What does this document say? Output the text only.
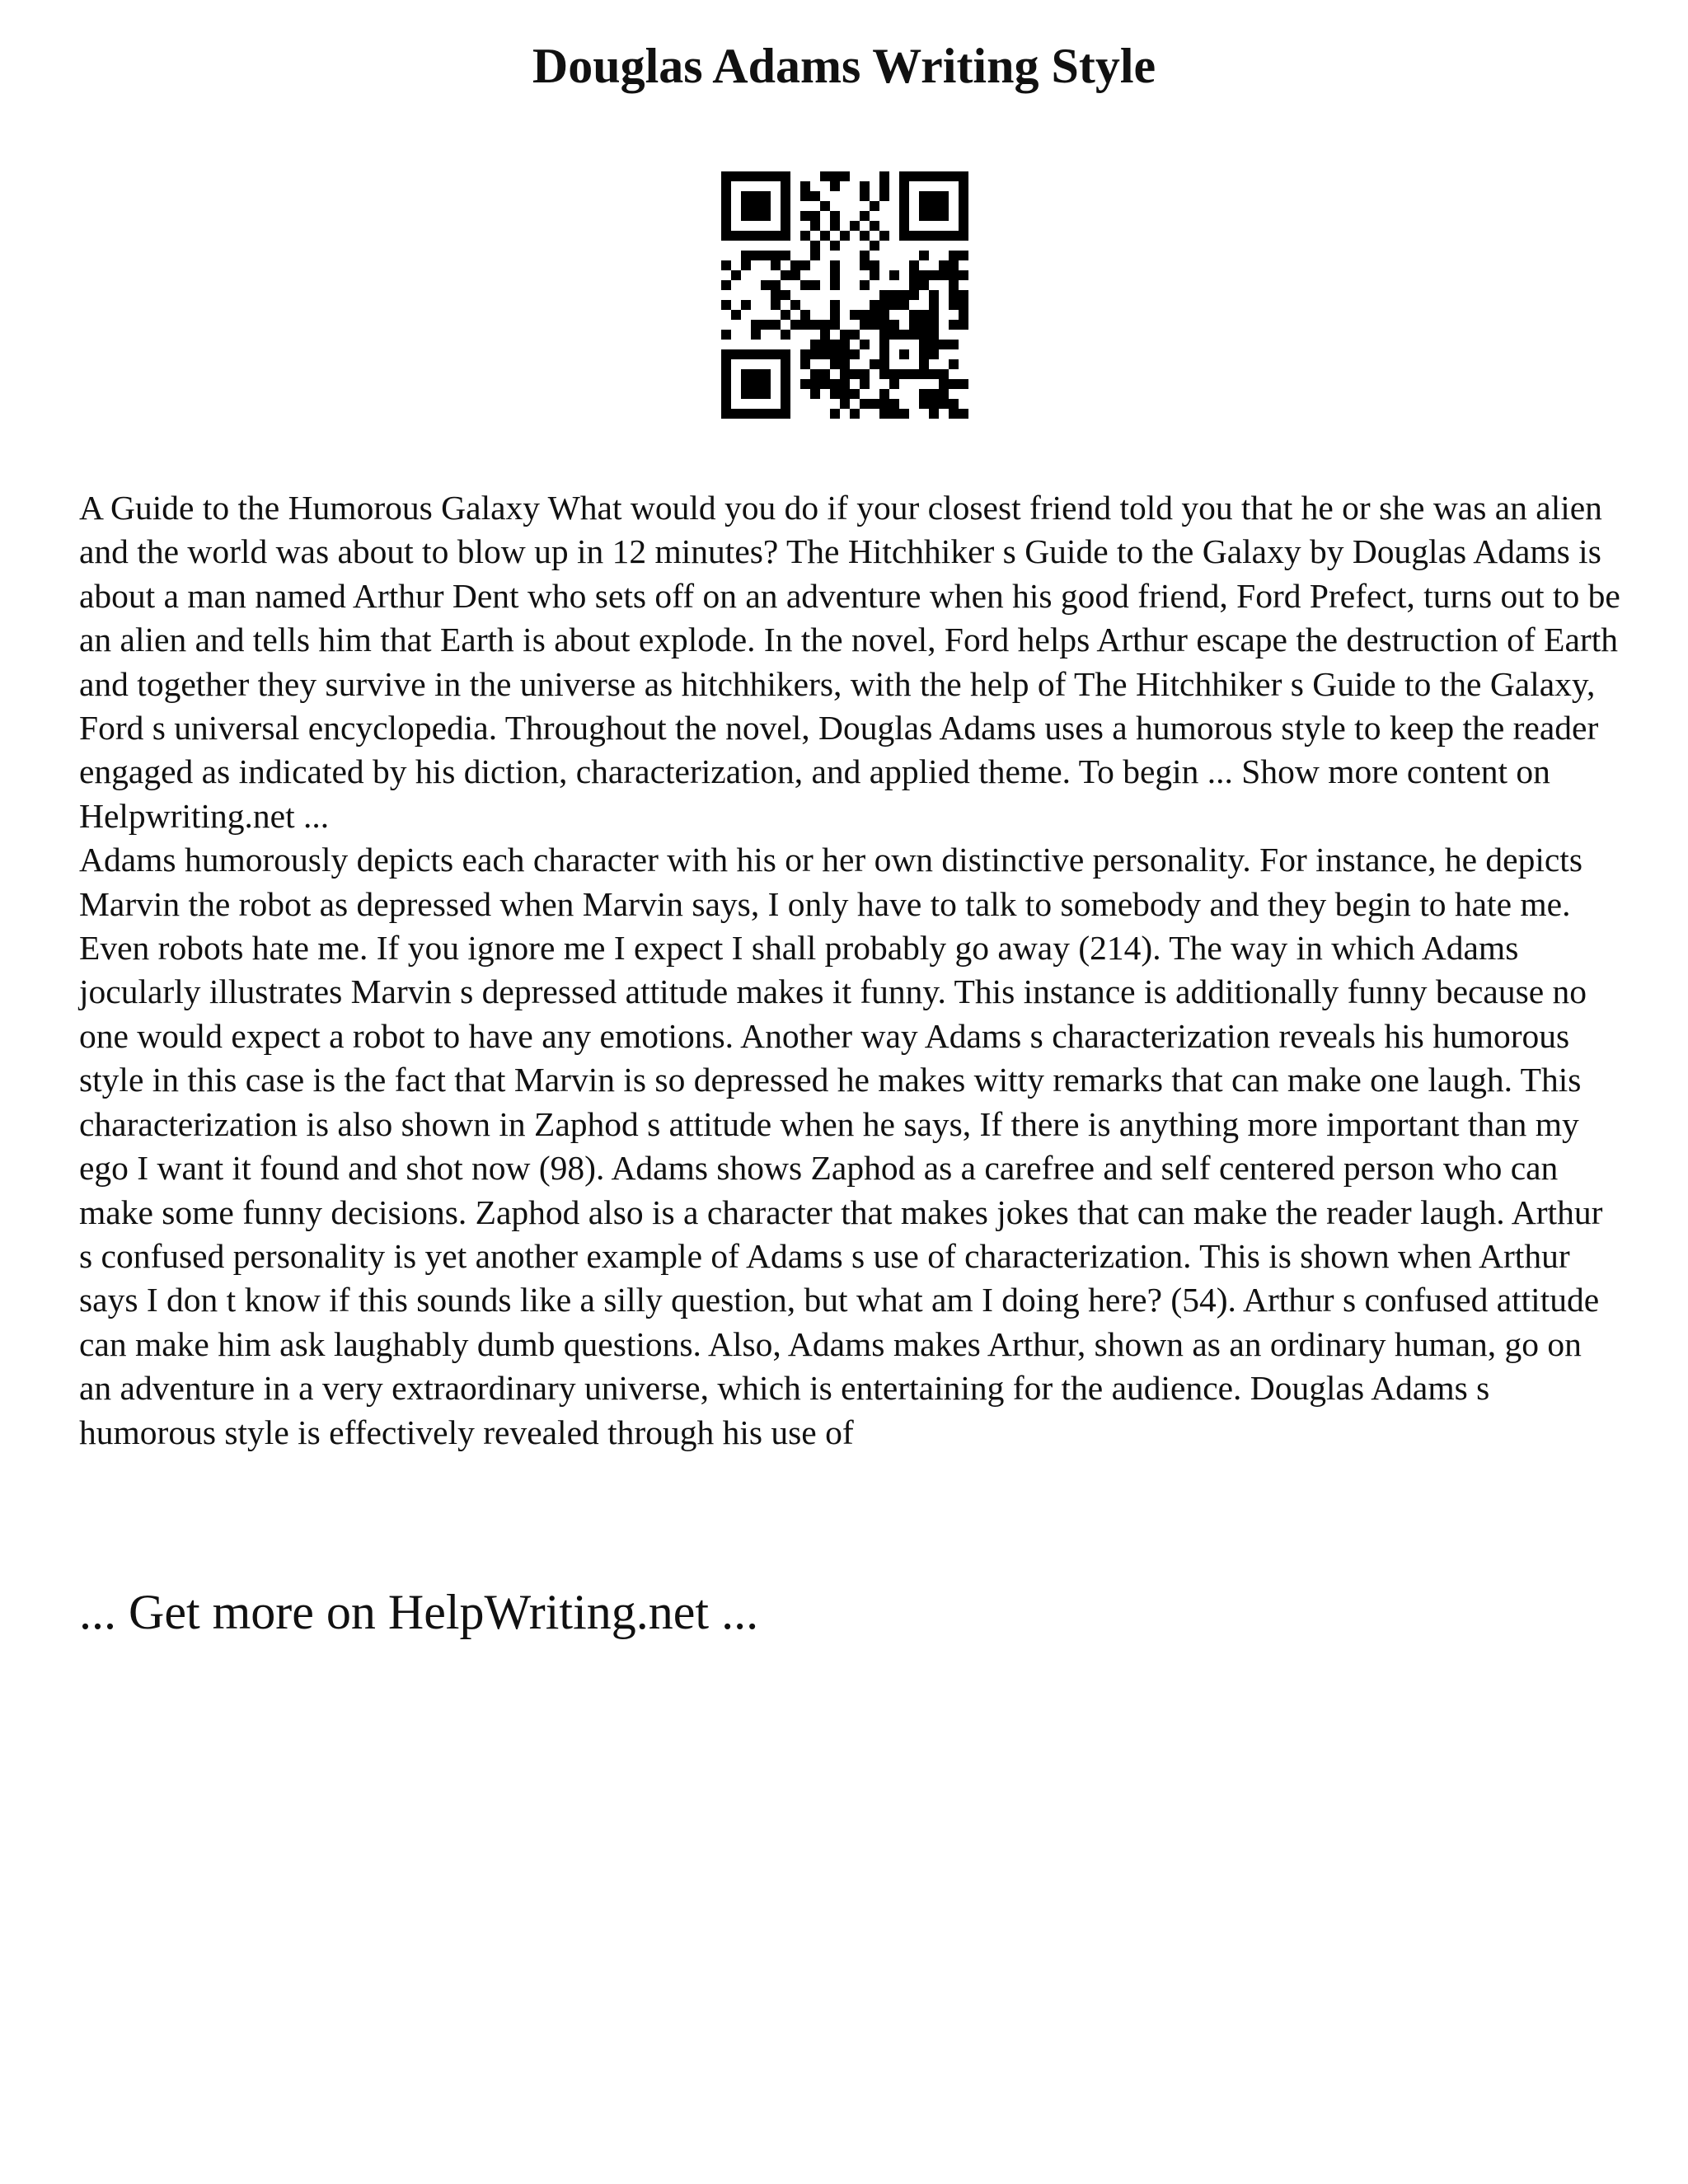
Douglas Adams Writing Style

A Guide to the Humorous Galaxy What would you do if your closest friend told you that he or she was an alien and the world was about to blow up in 12 minutes? The Hitchhiker s Guide to the Galaxy by Douglas Adams is about a man named Arthur Dent who sets off on an adventure when his good friend, Ford Prefect, turns out to be an alien and tells him that Earth is about explode. In the novel, Ford helps Arthur escape the destruction of Earth and together they survive in the universe as hitchhikers, with the help of The Hitchhiker s Guide to the Galaxy, Ford s universal encyclopedia. Throughout the novel, Douglas Adams uses a humorous style to keep the reader engaged as indicated by his diction, characterization, and applied theme. To begin ... Show more content on Helpwriting.net ...

Adams humorously depicts each character with his or her own distinctive personality. For instance, he depicts Marvin the robot as depressed when Marvin says, I only have to talk to somebody and they begin to hate me. Even robots hate me. If you ignore me I expect I shall probably go away (214). The way in which Adams jocularly illustrates Marvin s depressed attitude makes it funny. This instance is additionally funny because no one would expect a robot to have any emotions. Another way Adams s characterization reveals his humorous style in this case is the fact that Marvin is so depressed he makes witty remarks that can make one laugh. This characterization is also shown in Zaphod s attitude when he says, If there is anything more important than my ego I want it found and shot now (98). Adams shows Zaphod as a carefree and self centered person who can make some funny decisions. Zaphod also is a character that makes jokes that can make the reader laugh. Arthur s confused personality is yet another example of Adams s use of characterization. This is shown when Arthur says I don t know if this sounds like a silly question, but what am I doing here? (54). Arthur s confused attitude can make him ask laughably dumb questions. Also, Adams makes Arthur, shown as an ordinary human, go on an adventure in a very extraordinary universe, which is entertaining for the audience. Douglas Adams s humorous style is effectively revealed through his use of

... Get more on HelpWriting.net ...
